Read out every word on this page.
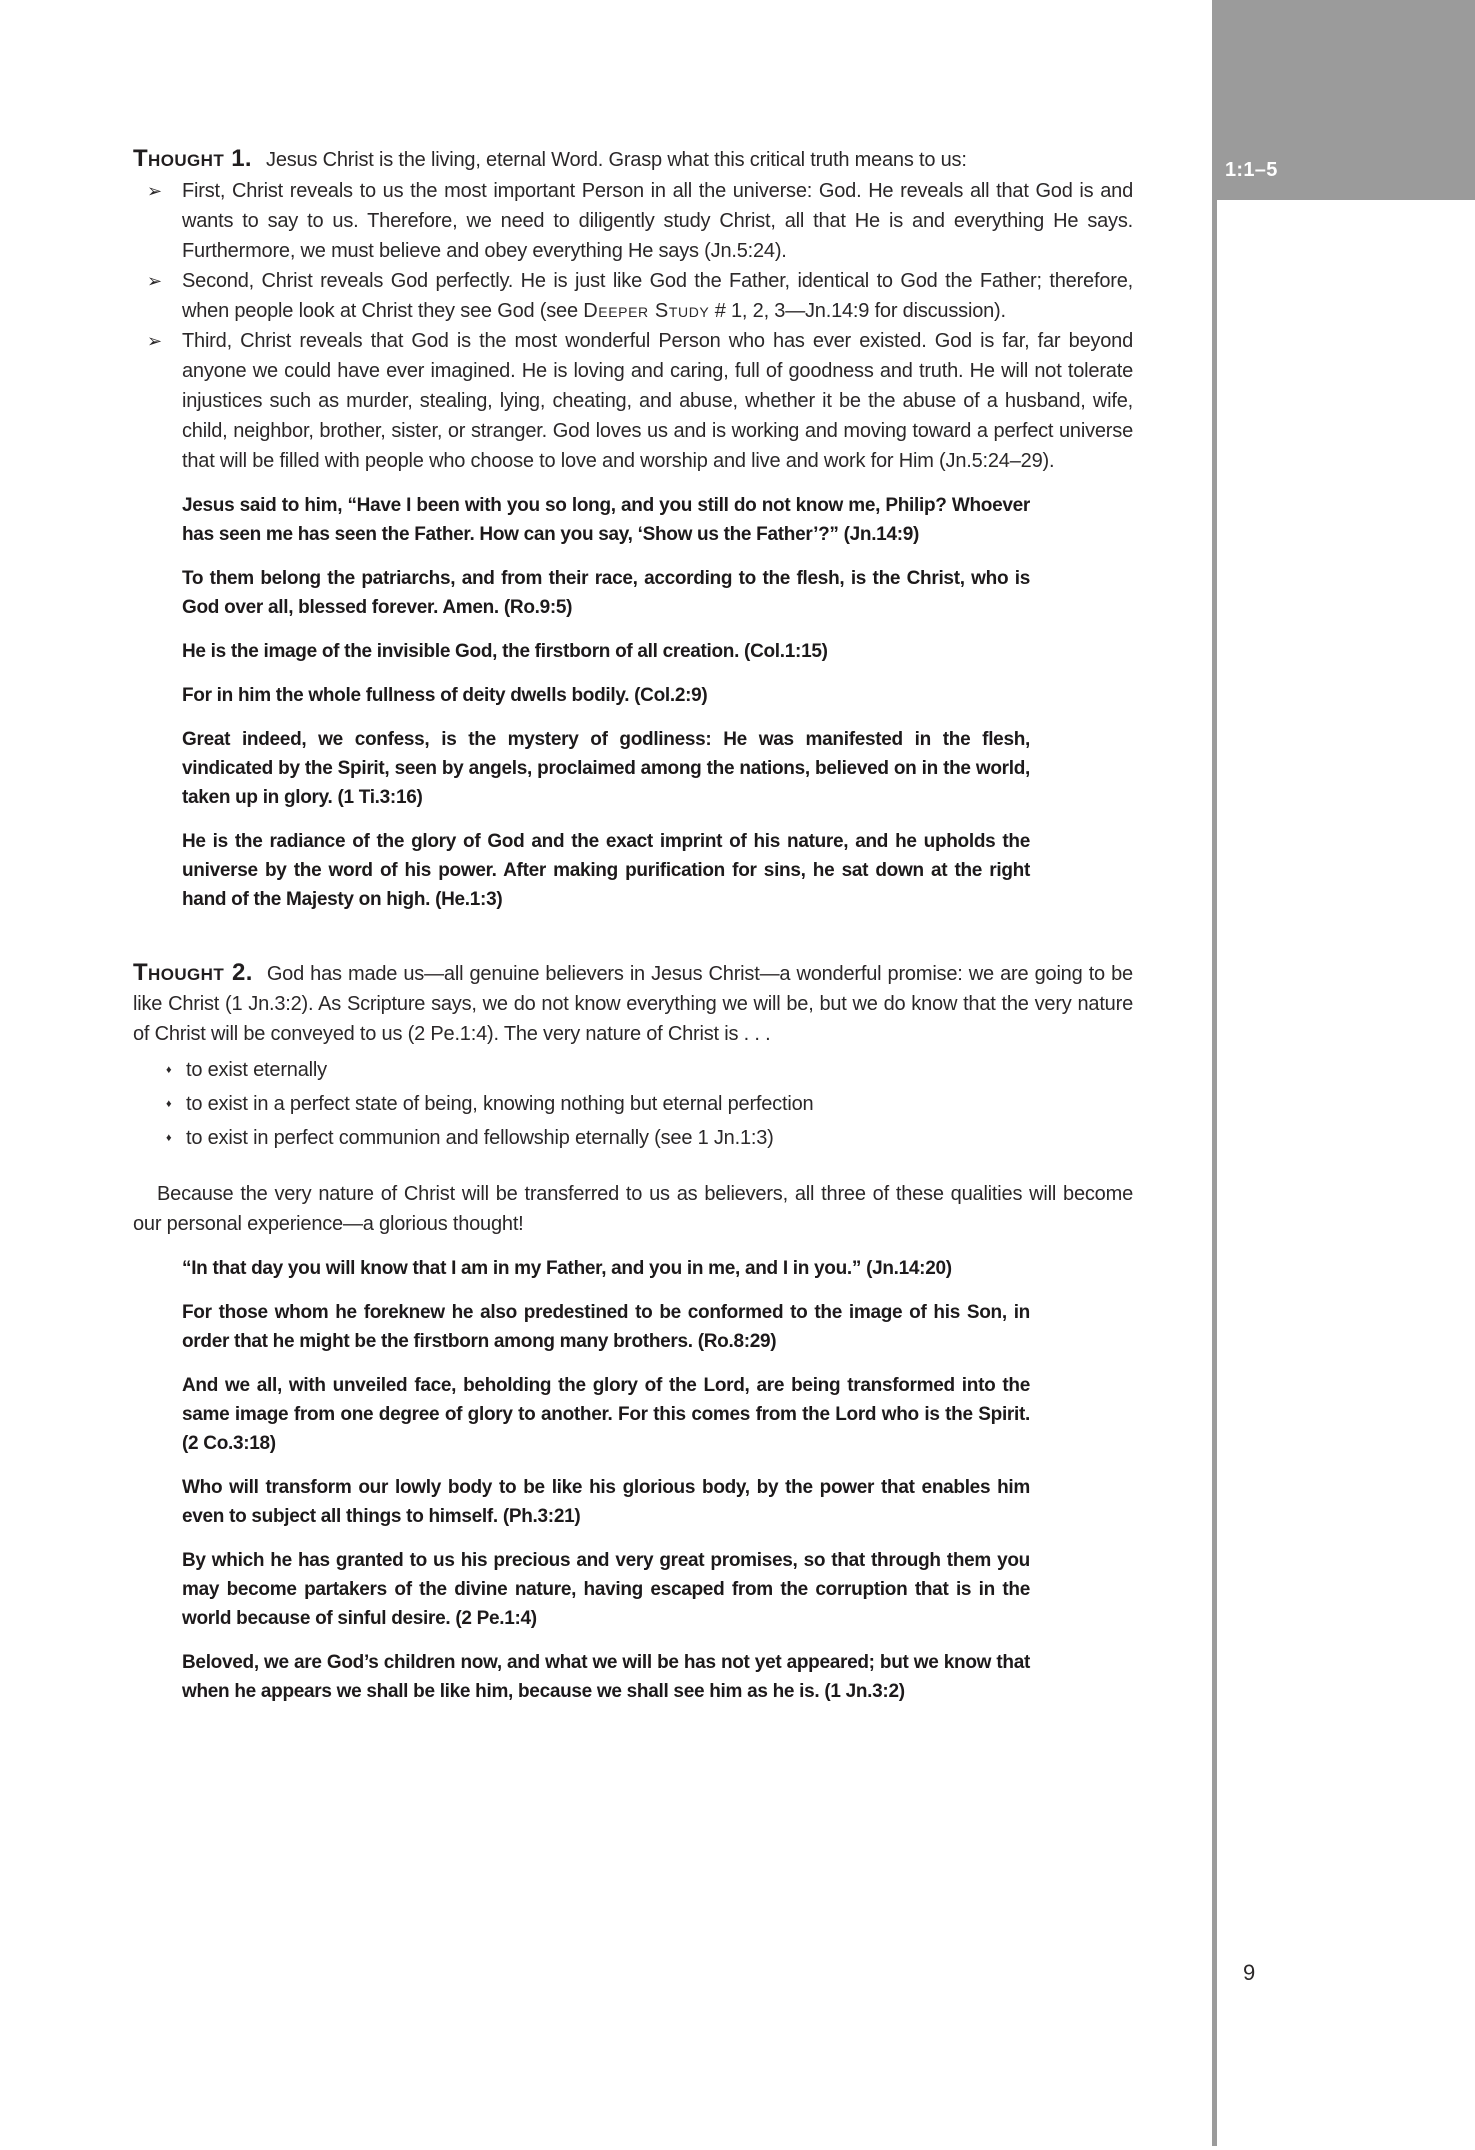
1:1–5
9
Thought 1. Jesus Christ is the living, eternal Word. Grasp what this critical truth means to us:
➢ First, Christ reveals to us the most important Person in all the universe: God. He reveals all that God is and wants to say to us. Therefore, we need to diligently study Christ, all that He is and everything He says. Furthermore, we must believe and obey everything He says (Jn.5:24).
➢ Second, Christ reveals God perfectly. He is just like God the Father, identical to God the Father; therefore, when people look at Christ they see God (see Deeper Study # 1, 2, 3—Jn.14:9 for discussion).
➢ Third, Christ reveals that God is the most wonderful Person who has ever existed. God is far, far beyond anyone we could have ever imagined. He is loving and caring, full of goodness and truth. He will not tolerate injustices such as murder, stealing, lying, cheating, and abuse, whether it be the abuse of a husband, wife, child, neighbor, brother, sister, or stranger. God loves us and is working and moving toward a perfect universe that will be filled with people who choose to love and worship and live and work for Him (Jn.5:24–29).
Jesus said to him, “Have I been with you so long, and you still do not know me, Philip? Whoever has seen me has seen the Father. How can you say, ‘Show us the Father’?” (Jn.14:9)
To them belong the patriarchs, and from their race, according to the flesh, is the Christ, who is God over all, blessed forever. Amen. (Ro.9:5)
He is the image of the invisible God, the firstborn of all creation. (Col.1:15)
For in him the whole fullness of deity dwells bodily. (Col.2:9)
Great indeed, we confess, is the mystery of godliness: He was manifested in the flesh, vindicated by the Spirit, seen by angels, proclaimed among the nations, believed on in the world, taken up in glory. (1 Ti.3:16)
He is the radiance of the glory of God and the exact imprint of his nature, and he upholds the universe by the word of his power. After making purification for sins, he sat down at the right hand of the Majesty on high. (He.1:3)
Thought 2. God has made us—all genuine believers in Jesus Christ—a wonderful promise: we are going to be like Christ (1 Jn.3:2). As Scripture says, we do not know everything we will be, but we do know that the very nature of Christ will be conveyed to us (2 Pe.1:4). The very nature of Christ is . . .
♦ to exist eternally
♦ to exist in a perfect state of being, knowing nothing but eternal perfection
♦ to exist in perfect communion and fellowship eternally (see 1 Jn.1:3)
Because the very nature of Christ will be transferred to us as believers, all three of these qualities will become our personal experience—a glorious thought!
“In that day you will know that I am in my Father, and you in me, and I in you.” (Jn.14:20)
For those whom he foreknew he also predestined to be conformed to the image of his Son, in order that he might be the firstborn among many brothers. (Ro.8:29)
And we all, with unveiled face, beholding the glory of the Lord, are being transformed into the same image from one degree of glory to another. For this comes from the Lord who is the Spirit. (2 Co.3:18)
Who will transform our lowly body to be like his glorious body, by the power that enables him even to subject all things to himself. (Ph.3:21)
By which he has granted to us his precious and very great promises, so that through them you may become partakers of the divine nature, having escaped from the corruption that is in the world because of sinful desire. (2 Pe.1:4)
Beloved, we are God’s children now, and what we will be has not yet appeared; but we know that when he appears we shall be like him, because we shall see him as he is. (1 Jn.3:2)
